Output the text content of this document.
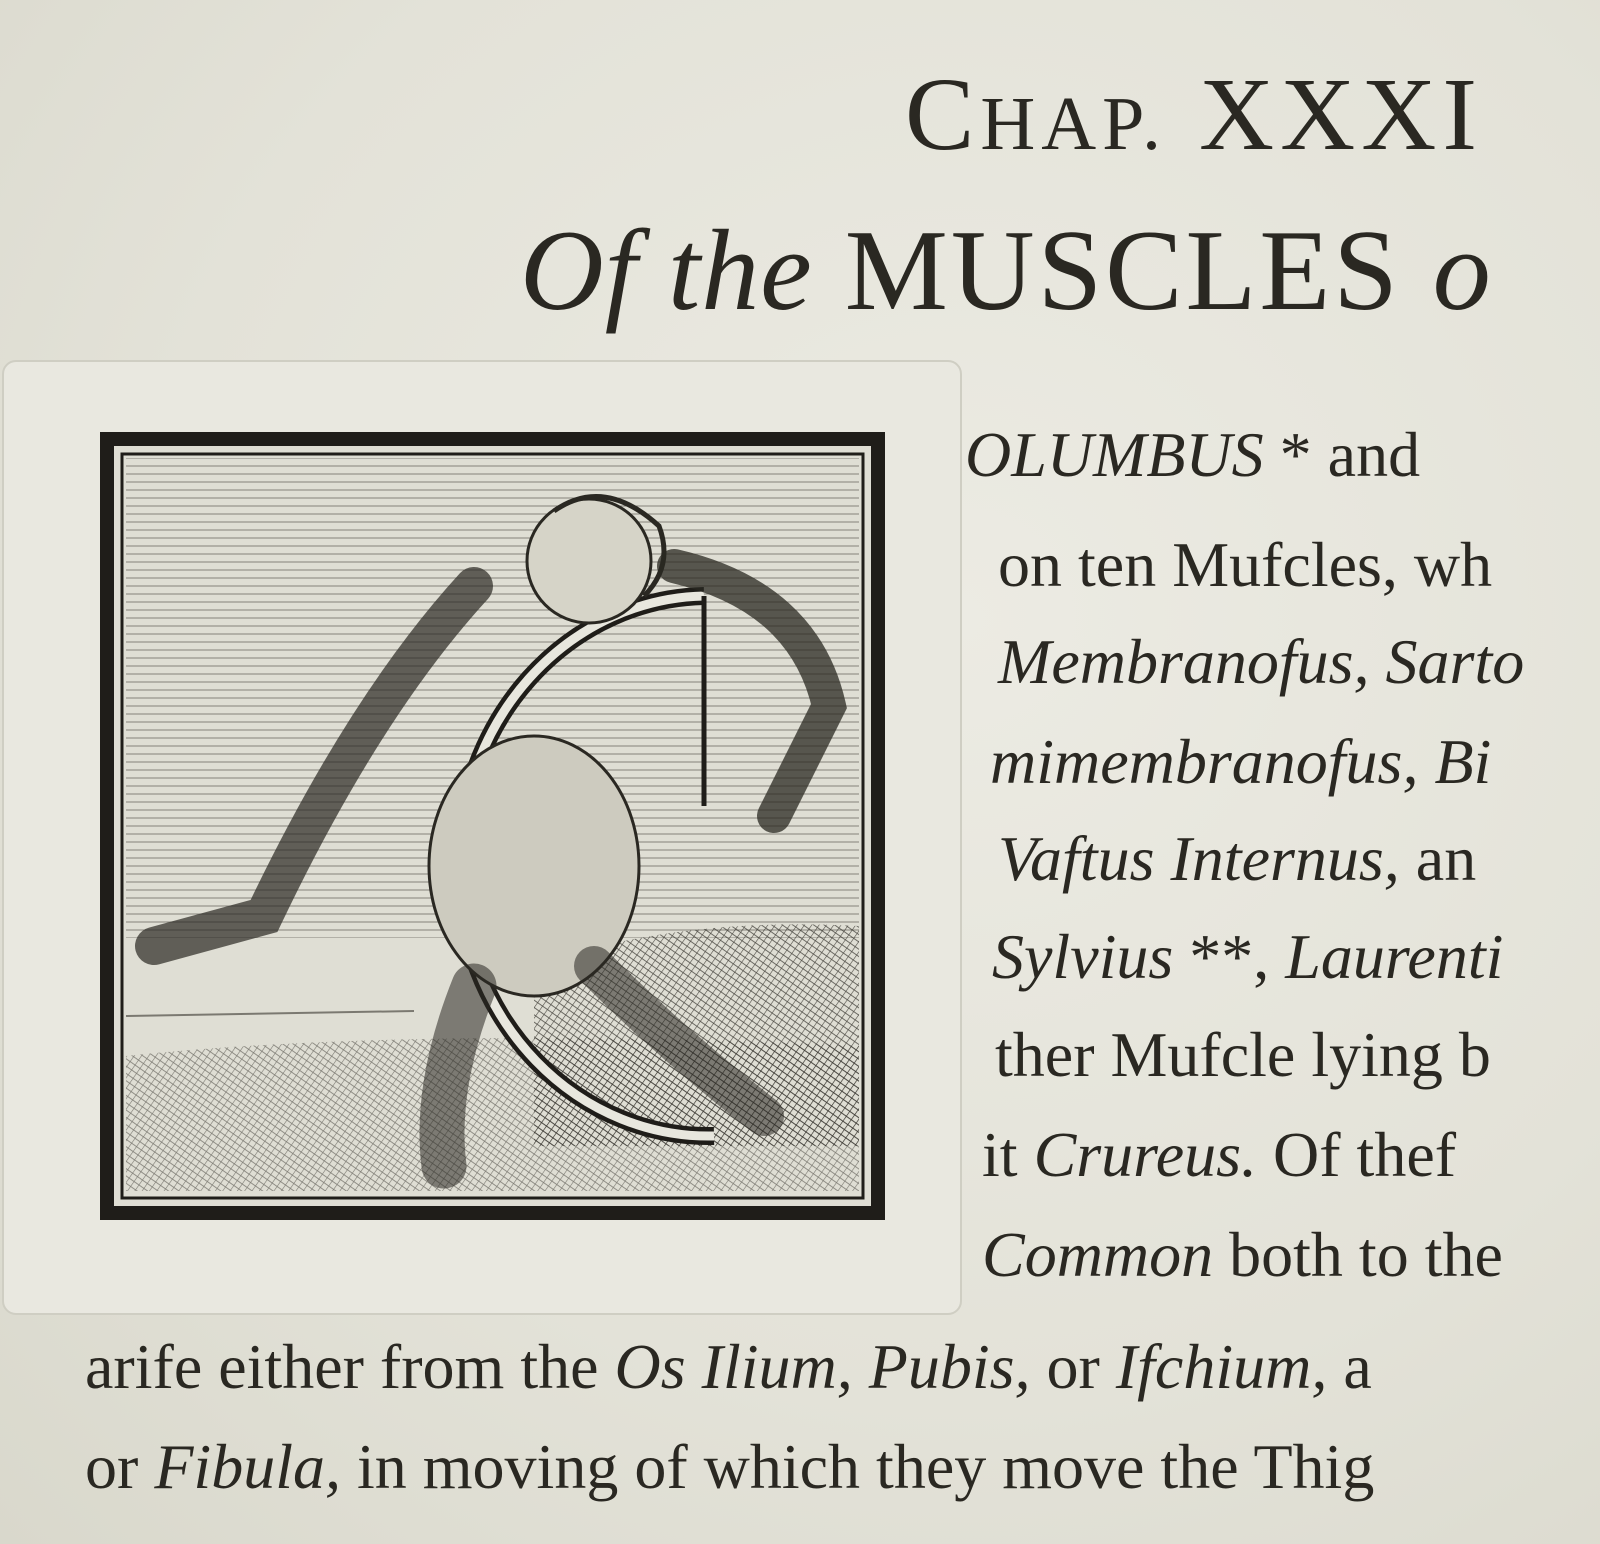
CHAP. XXXI
Of the MUSCLES o
OLUMBUS * and
on ten Mufcles, wh
Membranofus, Sarto
mimembranofus, Bi
Vaftus Internus, an
Sylvius **, Laurenti
ther Mufcle lying b
it Crureus. Of thef
Common both to the
arife either from the Os Ilium, Pubis, or Ifchium, a
or Fibula, in moving of which they move the Thig
